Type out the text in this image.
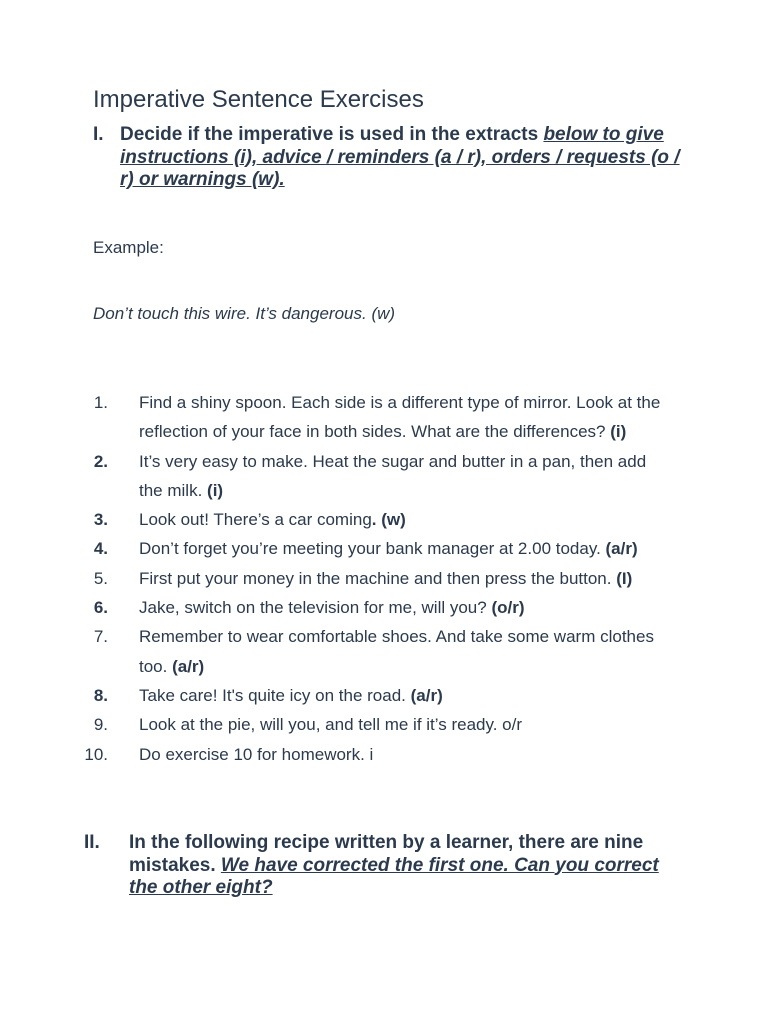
Imperative Sentence Exercises
I. Decide if the imperative is used in the extracts below to give instructions (i), advice / reminders (a / r), orders / requests (o / r) or warnings (w).
Example:
Don’t touch this wire. It’s dangerous. (w)
1. Find a shiny spoon. Each side is a different type of mirror. Look at the reflection of your face in both sides. What are the differences? (i)
2. It’s very easy to make. Heat the sugar and butter in a pan, then add the milk. (i)
3. Look out! There’s a car coming. (w)
4. Don’t forget you’re meeting your bank manager at 2.00 today. (a/r)
5. First put your money in the machine and then press the button. (I)
6. Jake, switch on the television for me, will you? (o/r)
7. Remember to wear comfortable shoes. And take some warm clothes too. (a/r)
8. Take care! It's quite icy on the road. (a/r)
9. Look at the pie, will you, and tell me if it’s ready. o/r
10. Do exercise 10 for homework. i
II. In the following recipe written by a learner, there are nine mistakes. We have corrected the first one. Can you correct the other eight?
